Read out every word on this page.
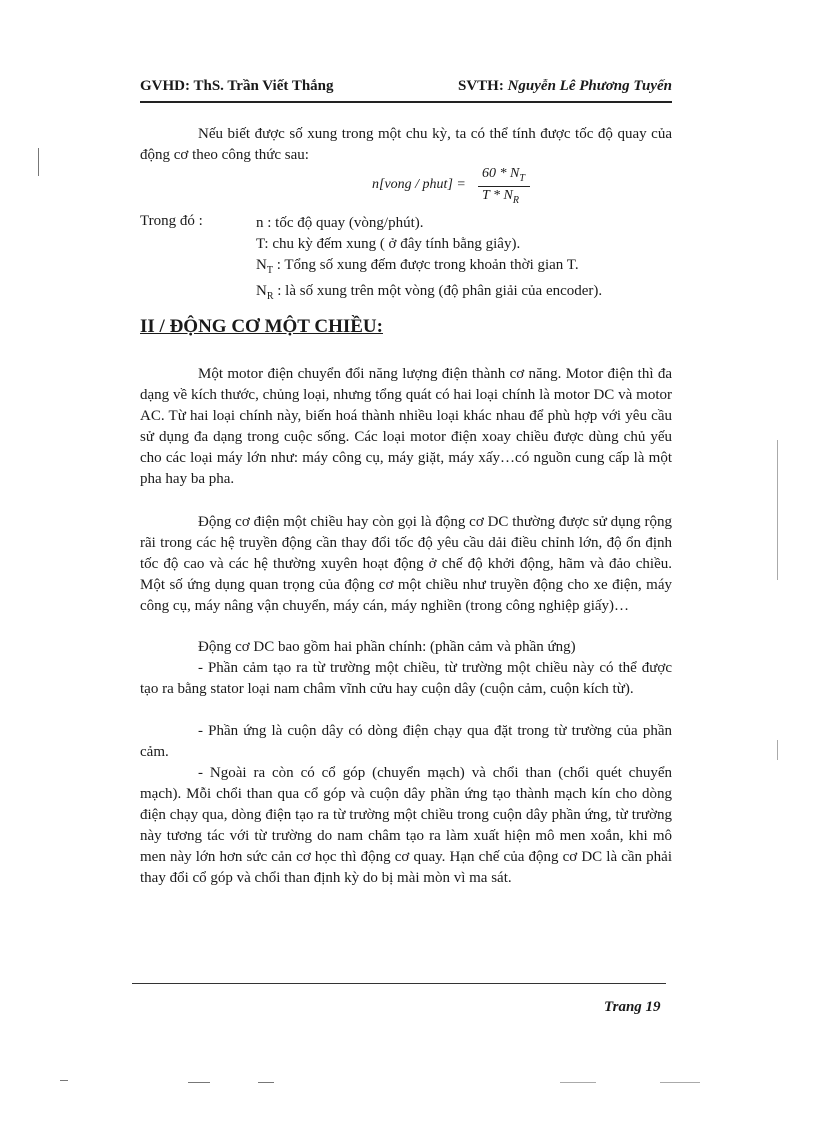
GVHD: ThS. Trần Viết Thắng	SVTH: Nguyễn Lê Phương Tuyến
Nếu biết được số xung trong một chu kỳ, ta có thể tính được tốc độ quay của động cơ theo công thức sau:
n[vong / phut] =
$60 * N_T$
T * $N_R$
Trong đó :	n : tốc độ quay (vòng/phút).
T: chu kỳ đếm xung ( ở đây tính bằng giây).
$N_T$ : Tổng số xung đếm được trong khoản thời gian T.
$N_R$ : là số xung trên một vòng (độ phân giải của encoder).
II / ĐỘNG CƠ MỘT CHIỀU:
Một motor điện chuyển đổi năng lượng điện thành cơ năng. Motor điện thì đa dạng về kích thước, chủng loại, nhưng tổng quát có hai loại chính là motor DC và motor AC. Từ hai loại chính này, biến hoá thành nhiều loại khác nhau để phù hợp với yêu cầu sử dụng đa dạng trong cuộc sống. Các loại motor điện xoay chiều được dùng chủ yếu cho các loại máy lớn như: máy công cụ, máy giặt, máy xấy…có nguồn cung cấp là một pha hay ba pha.
Động cơ điện một chiều hay còn gọi là động cơ DC thường được sử dụng rộng rãi trong các hệ truyền động cần thay đổi tốc độ yêu cầu dải điều chỉnh lớn, độ ổn định tốc độ cao và các hệ thường xuyên hoạt động ở chế độ khởi động, hãm và đảo chiều. Một số ứng dụng quan trọng của động cơ một chiều như truyền động cho xe điện, máy công cụ, máy nâng vận chuyển, máy cán, máy nghiền (trong công nghiệp giấy)…
Động cơ DC bao gồm hai phần chính: (phần cảm và phần ứng)
- Phần cảm tạo ra từ trường một chiều, từ trường một chiều này có thể được tạo ra bằng stator loại nam châm vĩnh cửu hay cuộn dây (cuộn cảm, cuộn kích từ).
- Phần ứng là cuộn dây có dòng điện chạy qua đặt trong từ trường của phần cảm.
- Ngoài ra còn có cổ góp (chuyển mạch) và chổi than (chổi quét chuyển mạch). Mỗi chổi than qua cổ góp và cuộn dây phần ứng tạo thành mạch kín cho dòng điện chạy qua, dòng điện tạo ra từ trường một chiều trong cuộn dây phần ứng, từ trường này tương tác với từ trường do nam châm tạo ra làm xuất hiện mô men xoắn, khi mô men này lớn hơn sức cản cơ học thì động cơ quay. Hạn chế của động cơ DC là cần phải thay đổi cổ góp và chổi than định kỳ do bị mài mòn vì ma sát.
Trang 19
